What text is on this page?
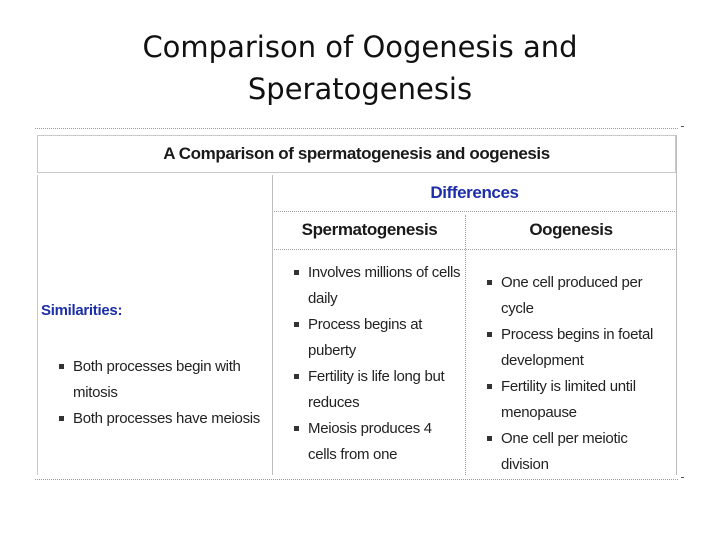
Comparison of Oogenesis and
Speratogenesis
A Comparison of spermatogenesis and oogenesis
Similarities:
Both processes begin with mitosis
Both processes have meiosis
Differences
Spermatogenesis	Oogenesis
Involves millions of cells daily
Process begins at puberty
Fertility is life long but reduces
Meiosis produces 4 cells from one
One cell produced per cycle
Process begins in foetal development
Fertility is limited until menopause
One cell per meiotic division
